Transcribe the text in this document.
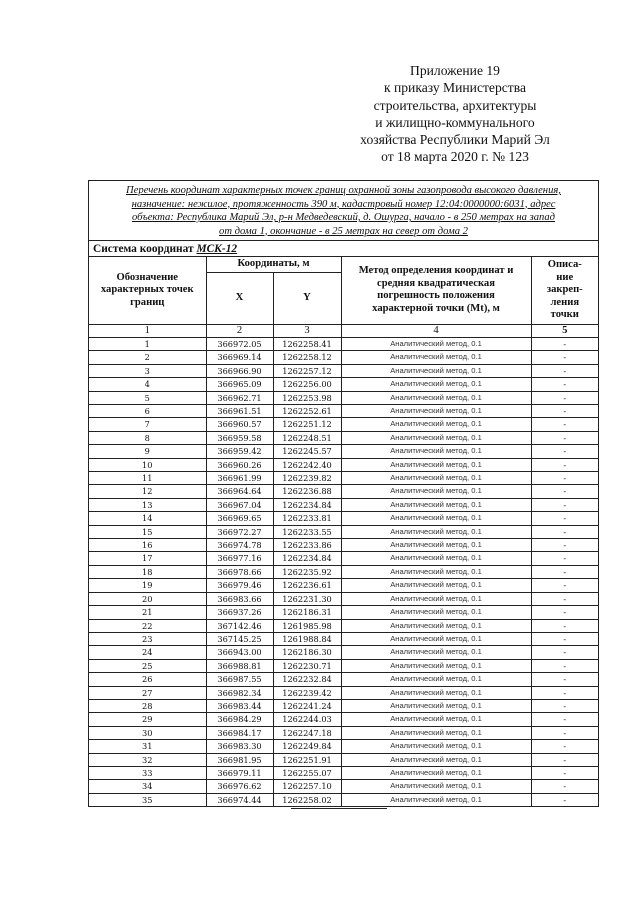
Приложение 19
к приказу Министерства
строительства, архитектуры
и жилищно-коммунального
хозяйства Республики Марий Эл
от 18 марта 2020 г. № 123
Перечень координат характерных точек границ охранной зоны газопровода высокого давления,
назначение: нежилое, протяженность 390 м, кадастровый номер 12:04:0000000:6031, адрес
объекта: Республика Марий Эл, р-н Медведевский, д. Ошурга, начало - в 250 метрах на запад
от дома 1, окончание - в 25 метрах на север от дома 2
Система координат МСК-12
Обозначение характерных точек границ	Координаты, м		Метод определения координат и средняя квадратическая погрешность положения характерной точки (Mt), м	Описа-ние закреп-ления точки
	X	Y		
1	2	3	4	5
1	366972.05	1262258.41	Аналитический метод, 0.1	-
2	366969.14	1262258.12	Аналитический метод, 0.1	-
3	366966.90	1262257.12	Аналитический метод, 0.1	-
4	366965.09	1262256.00	Аналитический метод, 0.1	-
5	366962.71	1262253.98	Аналитический метод, 0.1	-
6	366961.51	1262252.61	Аналитический метод, 0.1	-
7	366960.57	1262251.12	Аналитический метод, 0.1	-
8	366959.58	1262248.51	Аналитический метод, 0.1	-
9	366959.42	1262245.57	Аналитический метод, 0.1	-
10	366960.26	1262242.40	Аналитический метод, 0.1	-
11	366961.99	1262239.82	Аналитический метод, 0.1	-
12	366964.64	1262236.88	Аналитический метод, 0.1	-
13	366967.04	1262234.84	Аналитический метод, 0.1	-
14	366969.65	1262233.81	Аналитический метод, 0.1	-
15	366972.27	1262233.55	Аналитический метод, 0.1	-
16	366974.78	1262233.86	Аналитический метод, 0.1	-
17	366977.16	1262234.84	Аналитический метод, 0.1	-
18	366978.66	1262235.92	Аналитический метод, 0.1	-
19	366979.46	1262236.61	Аналитический метод, 0.1	-
20	366983.66	1262231.30	Аналитический метод, 0.1	-
21	366937.26	1262186.31	Аналитический метод, 0.1	-
22	367142.46	1261985.98	Аналитический метод, 0.1	-
23	367145.25	1261988.84	Аналитический метод, 0.1	-
24	366943.00	1262186.30	Аналитический метод, 0.1	-
25	366988.81	1262230.71	Аналитический метод, 0.1	-
26	366987.55	1262232.84	Аналитический метод, 0.1	-
27	366982.34	1262239.42	Аналитический метод, 0.1	-
28	366983.44	1262241.24	Аналитический метод, 0.1	-
29	366984.29	1262244.03	Аналитический метод, 0.1	-
30	366984.17	1262247.18	Аналитический метод, 0.1	-
31	366983.30	1262249.84	Аналитический метод, 0.1	-
32	366981.95	1262251.91	Аналитический метод, 0.1	-
33	366979.11	1262255.07	Аналитический метод, 0.1	-
34	366976.62	1262257.10	Аналитический метод, 0.1	-
35	366974.44	1262258.02	Аналитический метод, 0.1	-
